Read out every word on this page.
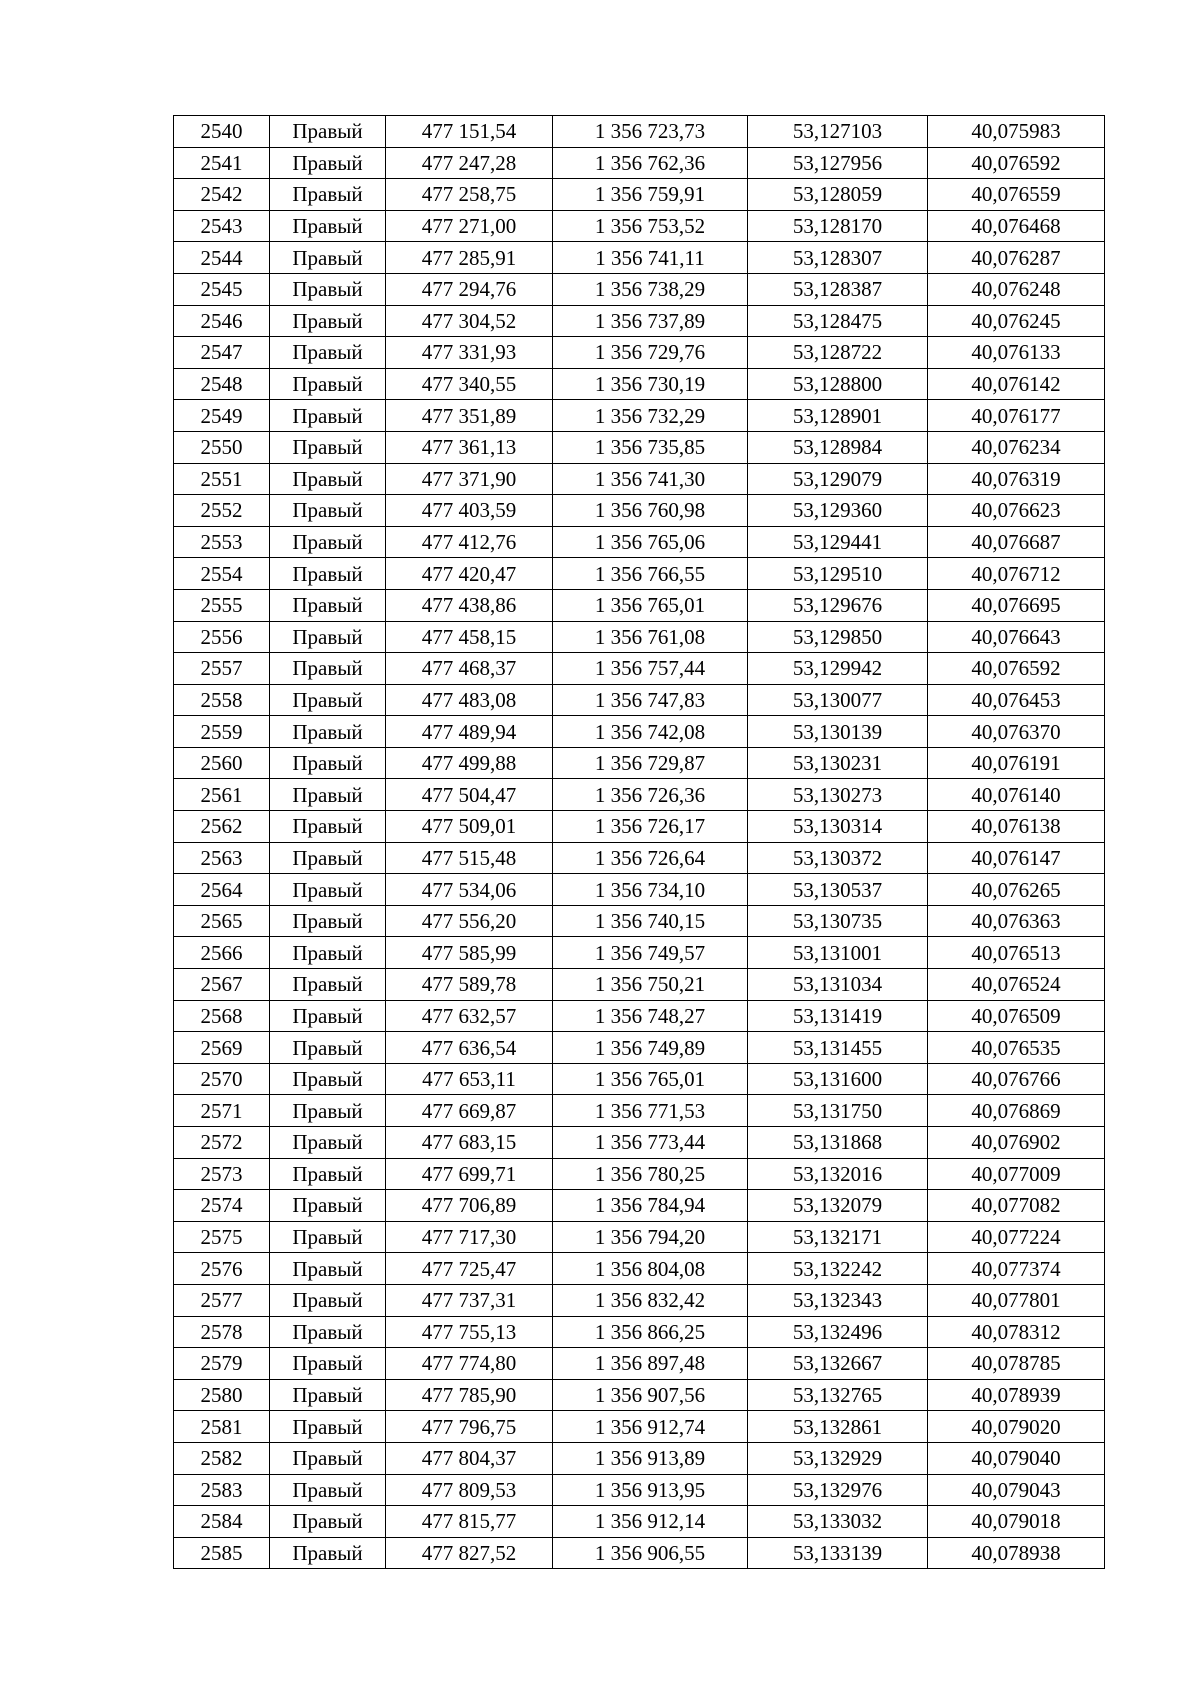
2540	Правый	477 151,54	1 356 723,73	53,127103	40,075983
2541	Правый	477 247,28	1 356 762,36	53,127956	40,076592
2542	Правый	477 258,75	1 356 759,91	53,128059	40,076559
2543	Правый	477 271,00	1 356 753,52	53,128170	40,076468
2544	Правый	477 285,91	1 356 741,11	53,128307	40,076287
2545	Правый	477 294,76	1 356 738,29	53,128387	40,076248
2546	Правый	477 304,52	1 356 737,89	53,128475	40,076245
2547	Правый	477 331,93	1 356 729,76	53,128722	40,076133
2548	Правый	477 340,55	1 356 730,19	53,128800	40,076142
2549	Правый	477 351,89	1 356 732,29	53,128901	40,076177
2550	Правый	477 361,13	1 356 735,85	53,128984	40,076234
2551	Правый	477 371,90	1 356 741,30	53,129079	40,076319
2552	Правый	477 403,59	1 356 760,98	53,129360	40,076623
2553	Правый	477 412,76	1 356 765,06	53,129441	40,076687
2554	Правый	477 420,47	1 356 766,55	53,129510	40,076712
2555	Правый	477 438,86	1 356 765,01	53,129676	40,076695
2556	Правый	477 458,15	1 356 761,08	53,129850	40,076643
2557	Правый	477 468,37	1 356 757,44	53,129942	40,076592
2558	Правый	477 483,08	1 356 747,83	53,130077	40,076453
2559	Правый	477 489,94	1 356 742,08	53,130139	40,076370
2560	Правый	477 499,88	1 356 729,87	53,130231	40,076191
2561	Правый	477 504,47	1 356 726,36	53,130273	40,076140
2562	Правый	477 509,01	1 356 726,17	53,130314	40,076138
2563	Правый	477 515,48	1 356 726,64	53,130372	40,076147
2564	Правый	477 534,06	1 356 734,10	53,130537	40,076265
2565	Правый	477 556,20	1 356 740,15	53,130735	40,076363
2566	Правый	477 585,99	1 356 749,57	53,131001	40,076513
2567	Правый	477 589,78	1 356 750,21	53,131034	40,076524
2568	Правый	477 632,57	1 356 748,27	53,131419	40,076509
2569	Правый	477 636,54	1 356 749,89	53,131455	40,076535
2570	Правый	477 653,11	1 356 765,01	53,131600	40,076766
2571	Правый	477 669,87	1 356 771,53	53,131750	40,076869
2572	Правый	477 683,15	1 356 773,44	53,131868	40,076902
2573	Правый	477 699,71	1 356 780,25	53,132016	40,077009
2574	Правый	477 706,89	1 356 784,94	53,132079	40,077082
2575	Правый	477 717,30	1 356 794,20	53,132171	40,077224
2576	Правый	477 725,47	1 356 804,08	53,132242	40,077374
2577	Правый	477 737,31	1 356 832,42	53,132343	40,077801
2578	Правый	477 755,13	1 356 866,25	53,132496	40,078312
2579	Правый	477 774,80	1 356 897,48	53,132667	40,078785
2580	Правый	477 785,90	1 356 907,56	53,132765	40,078939
2581	Правый	477 796,75	1 356 912,74	53,132861	40,079020
2582	Правый	477 804,37	1 356 913,89	53,132929	40,079040
2583	Правый	477 809,53	1 356 913,95	53,132976	40,079043
2584	Правый	477 815,77	1 356 912,14	53,133032	40,079018
2585	Правый	477 827,52	1 356 906,55	53,133139	40,078938
